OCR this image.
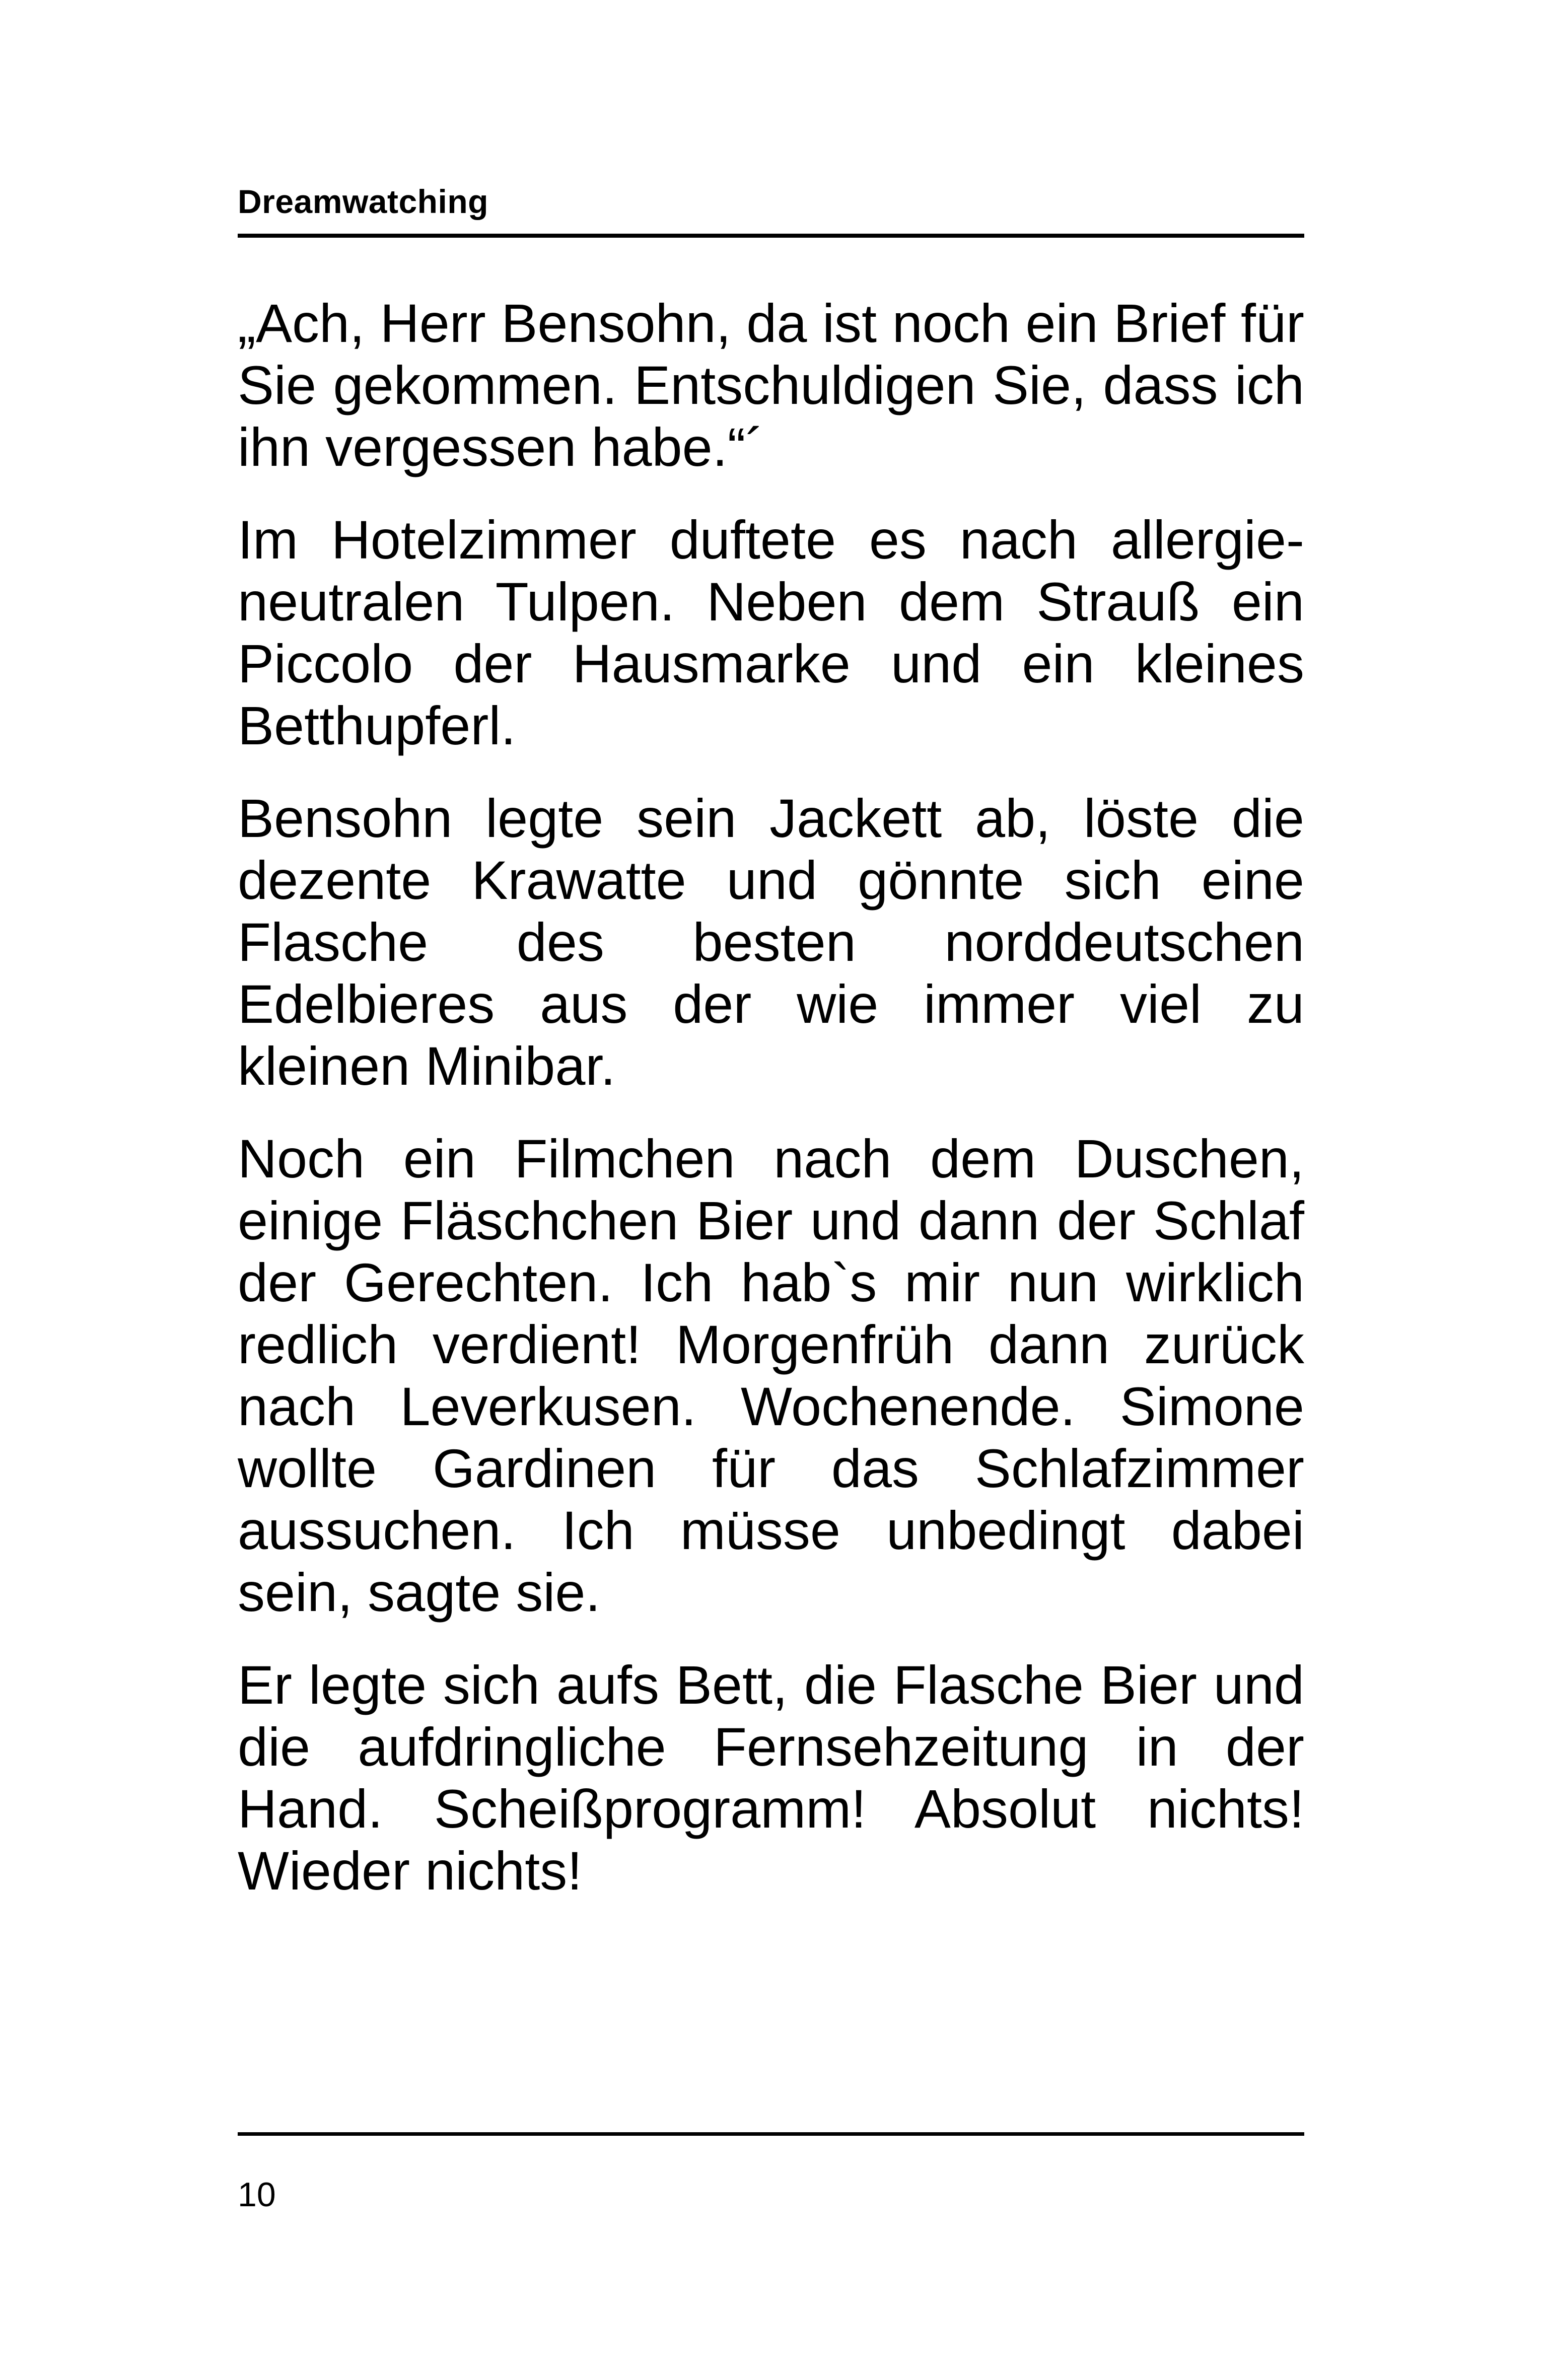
Dreamwatching

„Ach, Herr Bensohn, da ist noch ein Brief für Sie gekommen. Entschuldigen Sie, dass ich ihn vergessen habe.“´

Im Hotelzimmer duftete es nach allergieneutralen Tulpen. Neben dem Strauß ein Piccolo der Hausmarke und ein kleines Betthupferl.

Bensohn legte sein Jackett ab, löste die dezente Krawatte und gönnte sich eine Flasche des besten norddeutschen Edelbieres aus der wie immer viel zu kleinen Minibar.

Noch ein Filmchen nach dem Duschen, einige Fläschchen Bier und dann der Schlaf der Gerechten. Ich hab`s mir nun wirklich redlich verdient! Morgenfrüh dann zurück nach Leverkusen. Wochenende. Simone wollte Gardinen für das Schlafzimmer aussuchen. Ich müsse unbedingt dabei sein, sagte sie.

Er legte sich aufs Bett, die Flasche Bier und die aufdringliche Fernsehzeitung in der Hand. Scheißprogramm! Absolut nichts! Wieder nichts!

10
